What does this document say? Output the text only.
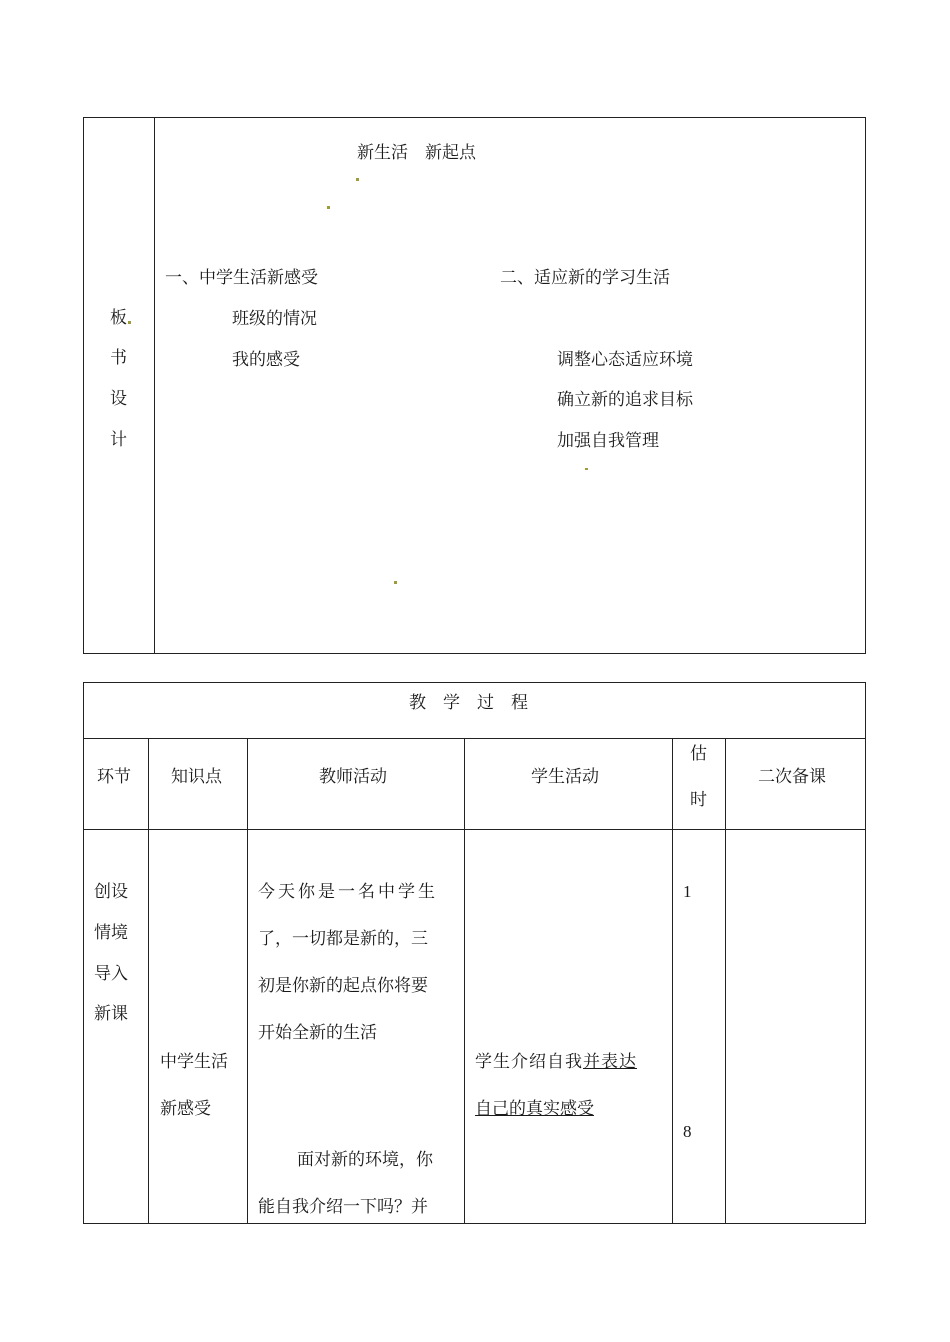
板
书
设
计
新生活　新起点
一、中学生活新感受
班级的情况
我的感受
二、适应新的学习生活
调整心态适应环境
确立新的追求目标
加强自我管理
教　学　过　程
环节 知识点	教师活动	学生活动
估
时
二次备课
创设
情境
导入
新课
中学生活
新感受
今天你是一名中学生
了，一切都是新的，三
初是你新的起点你将要
开始全新的生活
面对新的环境，你
能自我介绍一下吗？并
学生介绍自我并表达
自己的真实感受
1
8
